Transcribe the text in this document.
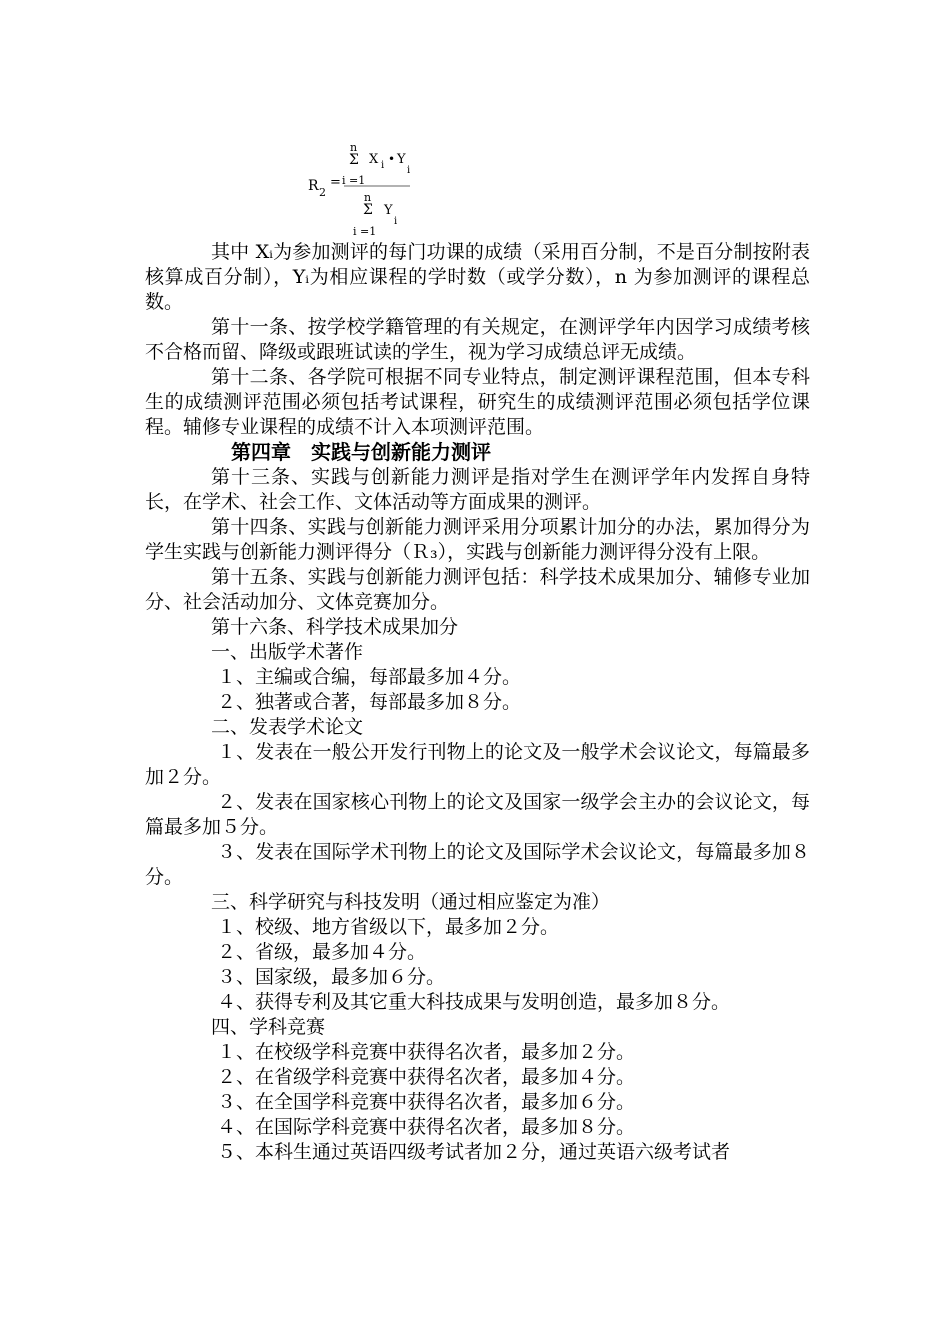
n
Σ X i • Y
i
i =1
R 2
=
n
Σ Y
i
i =1

其中 Xᵢ为参加测评的每门功课的成绩（采用百分制，不是百分制按附表核算成百分制），Yᵢ为相应课程的学时数（或学分数），n 为参加测评的课程总数。

第十一条、按学校学籍管理的有关规定，在测评学年内因学习成绩考核不合格而留、降级或跟班试读的学生，视为学习成绩总评无成绩。

第十二条、各学院可根据不同专业特点，制定测评课程范围，但本专科生的成绩测评范围必须包括考试课程，研究生的成绩测评范围必须包括学位课程。辅修专业课程的成绩不计入本项测评范围。

第四章　实践与创新能力测评

第十三条、实践与创新能力测评是指对学生在测评学年内发挥自身特长，在学术、社会工作、文体活动等方面成果的测评。

第十四条、实践与创新能力测评采用分项累计加分的办法，累加得分为学生实践与创新能力测评得分（Ｒ₃），实践与创新能力测评得分没有上限。

第十五条、实践与创新能力测评包括：科学技术成果加分、辅修专业加分、社会活动加分、文体竞赛加分。

第十六条、科学技术成果加分

一、出版学术著作

１、主编或合编，每部最多加４分。

２、独著或合著，每部最多加８分。

二、发表学术论文

１、发表在一般公开发行刊物上的论文及一般学术会议论文，每篇最多加２分。

２、发表在国家核心刊物上的论文及国家一级学会主办的会议论文，每篇最多加５分。

３、发表在国际学术刊物上的论文及国际学术会议论文，每篇最多加８分。

三、科学研究与科技发明（通过相应鉴定为准）

１、校级、地方省级以下，最多加２分。

２、省级，最多加４分。

３、国家级，最多加６分。

４、获得专利及其它重大科技成果与发明创造，最多加８分。

四、学科竞赛

１、在校级学科竞赛中获得名次者，最多加２分。

２、在省级学科竞赛中获得名次者，最多加４分。

３、在全国学科竞赛中获得名次者，最多加６分。

４、在国际学科竞赛中获得名次者，最多加８分。

５、本科生通过英语四级考试者加２分，通过英语六级考试者
